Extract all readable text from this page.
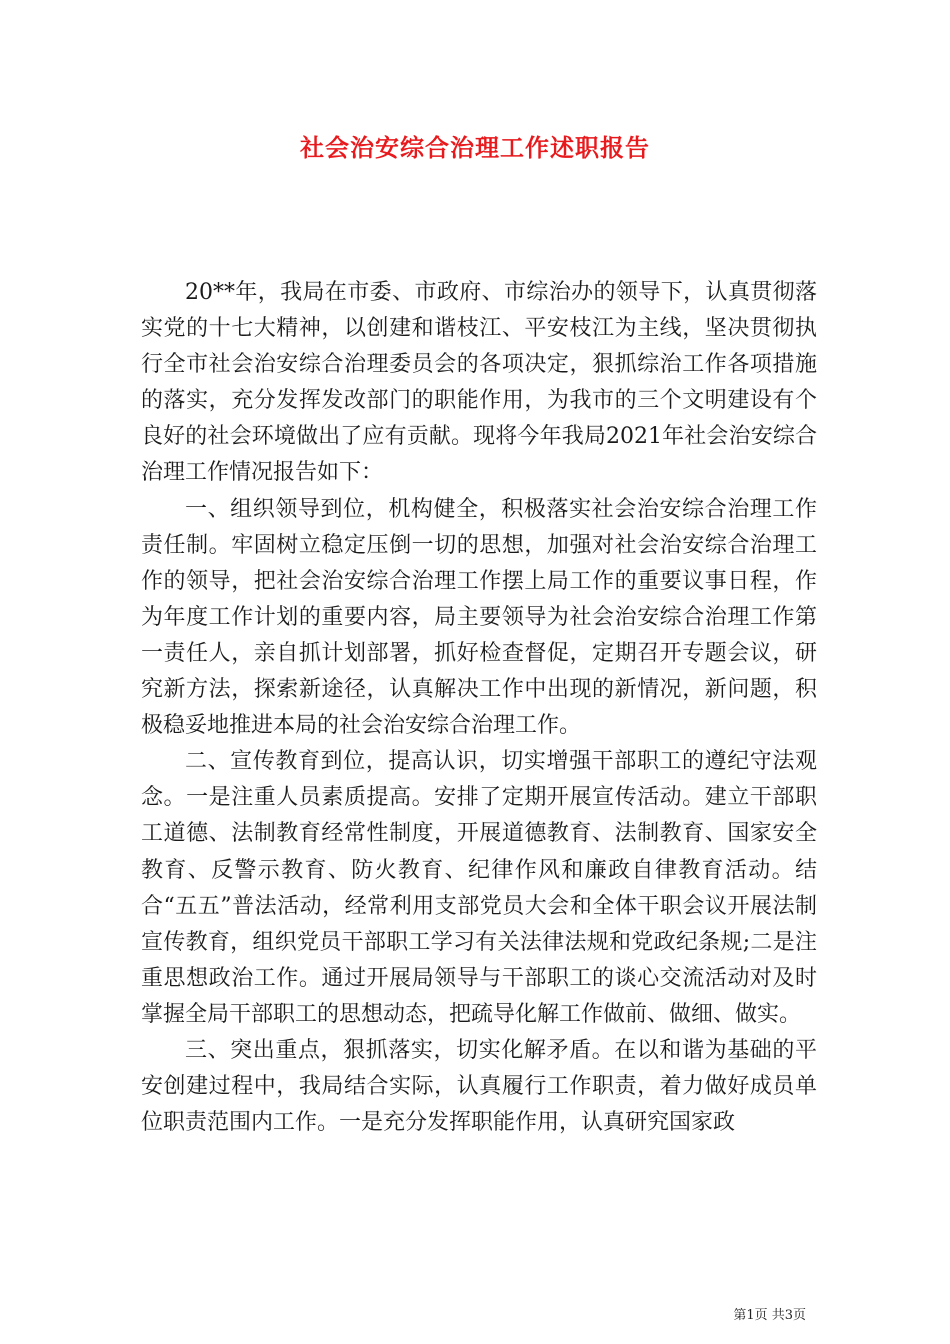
社会治安综合治理工作述职报告

20**年，我局在市委、市政府、市综治办的领导下，认真贯彻落实党的十七大精神，以创建和谐枝江、平安枝江为主线，坚决贯彻执行全市社会治安综合治理委员会的各项决定，狠抓综治工作各项措施的落实，充分发挥发改部门的职能作用，为我市的三个文明建设有个良好的社会环境做出了应有贡献。现将今年我局2021年社会治安综合治理工作情况报告如下：

一、组织领导到位，机构健全，积极落实社会治安综合治理工作责任制。牢固树立稳定压倒一切的思想，加强对社会治安综合治理工作的领导，把社会治安综合治理工作摆上局工作的重要议事日程，作为年度工作计划的重要内容，局主要领导为社会治安综合治理工作第一责任人，亲自抓计划部署，抓好检查督促，定期召开专题会议，研究新方法，探索新途径，认真解决工作中出现的新情况，新问题，积极稳妥地推进本局的社会治安综合治理工作。

二、宣传教育到位，提高认识，切实增强干部职工的遵纪守法观念。一是注重人员素质提高。安排了定期开展宣传活动。建立干部职工道德、法制教育经常性制度，开展道德教育、法制教育、国家安全教育、反警示教育、防火教育、纪律作风和廉政自律教育活动。结合“五五”普法活动，经常利用支部党员大会和全体干职会议开展法制宣传教育，组织党员干部职工学习有关法律法规和党政纪条规;二是注重思想政治工作。通过开展局领导与干部职工的谈心交流活动对及时掌握全局干部职工的思想动态，把疏导化解工作做前、做细、做实。

三、突出重点，狠抓落实，切实化解矛盾。在以和谐为基础的平安创建过程中，我局结合实际，认真履行工作职责，着力做好成员单位职责范围内工作。一是充分发挥职能作用，认真研究国家政

第1页 共3页
